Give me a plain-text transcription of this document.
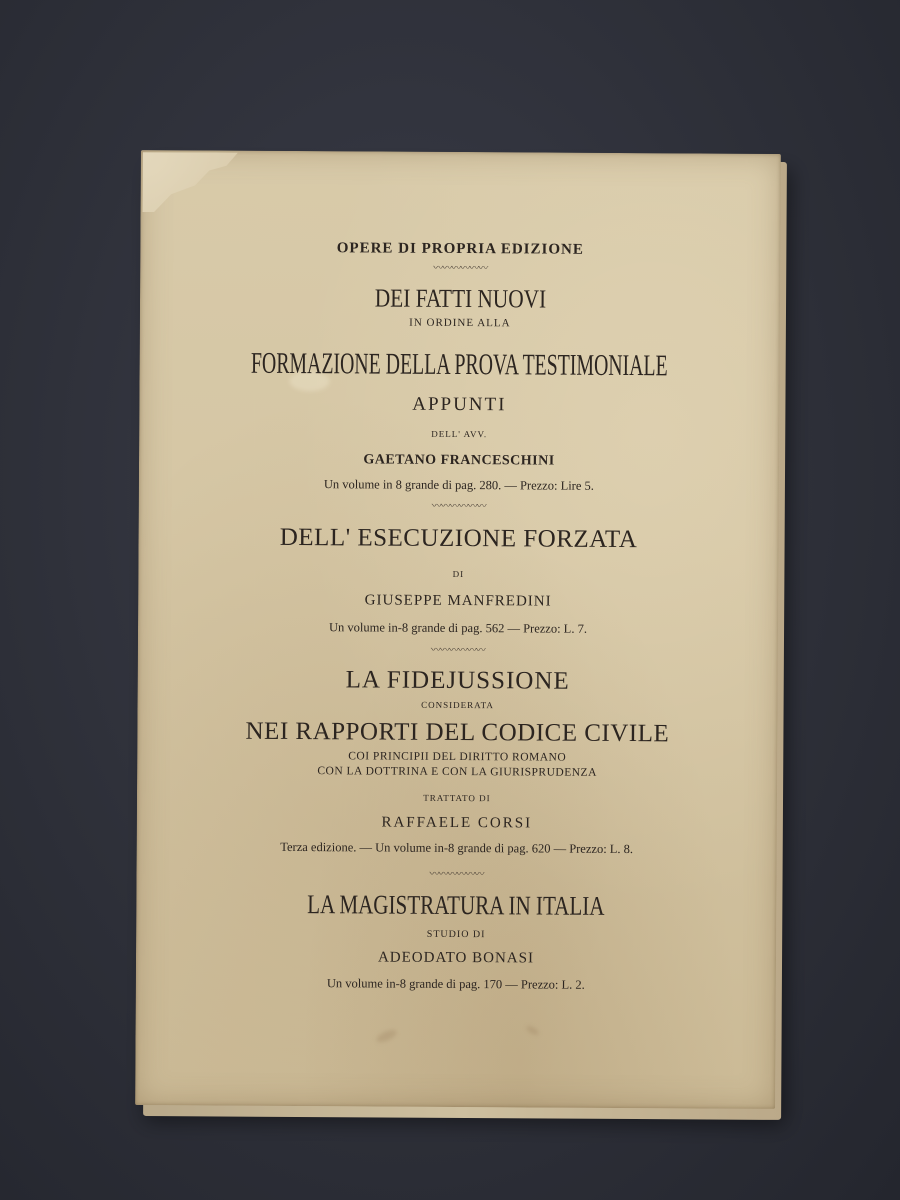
OPERE DI PROPRIA EDIZIONE
〰〰〰〰〰〰
DEI FATTI NUOVI
IN ORDINE ALLA
FORMAZIONE DELLA PROVA TESTIMONIALE
APPUNTI
DELL' AVV.
GAETANO FRANCESCHINI
Un volume in 8 grande di pag. 280. — Prezzo: Lire 5.
〰〰〰〰〰〰
DELL' ESECUZIONE FORZATA
DI
GIUSEPPE MANFREDINI
Un volume in-8 grande di pag. 562 — Prezzo: L. 7.
〰〰〰〰〰〰
LA FIDEJUSSIONE
CONSIDERATA
NEI RAPPORTI DEL CODICE CIVILE
COI PRINCIPII DEL DIRITTO ROMANO
CON LA DOTTRINA E CON LA GIURISPRUDENZA
TRATTATO DI
RAFFAELE CORSI
Terza edizione. — Un volume in-8 grande di pag. 620 — Prezzo: L. 8.
〰〰〰〰〰〰
LA MAGISTRATURA IN ITALIA
STUDIO DI
ADEODATO BONASI
Un volume in-8 grande di pag. 170 — Prezzo: L. 2.
